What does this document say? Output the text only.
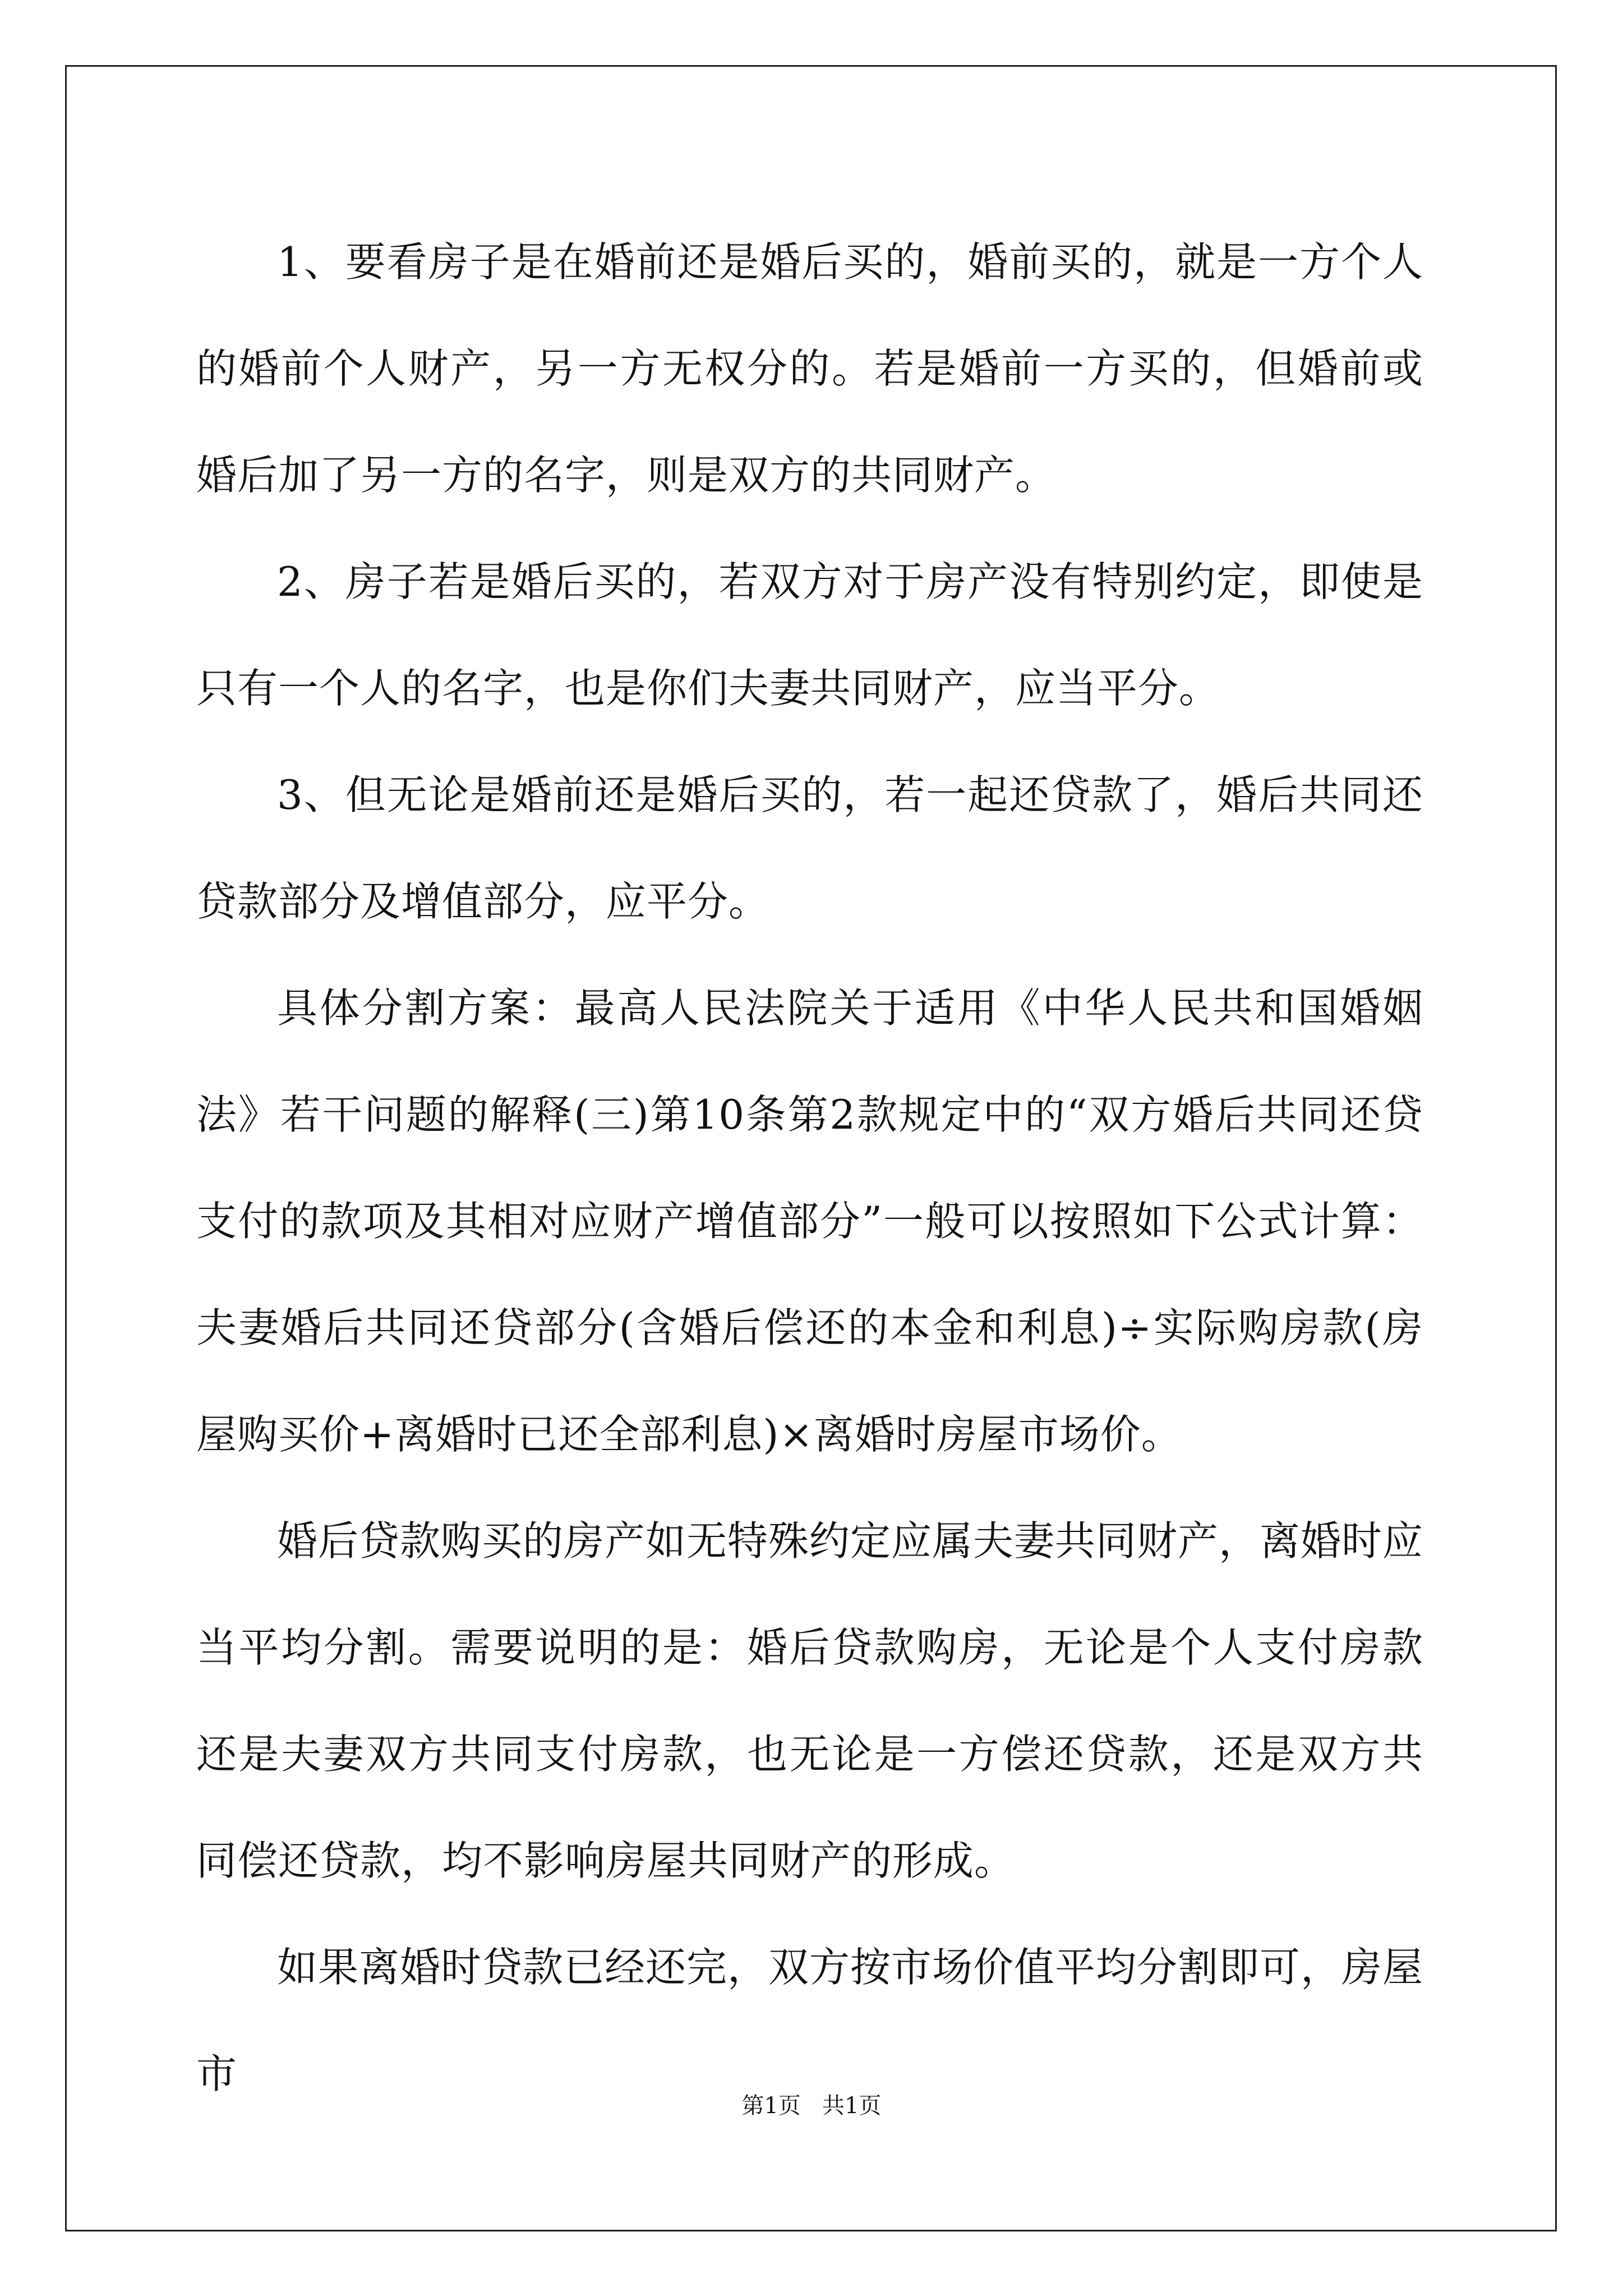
1、要看房子是在婚前还是婚后买的，婚前买的，就是一方个人的婚前个人财产，另一方无权分的。若是婚前一方买的，但婚前或婚后加了另一方的名字，则是双方的共同财产。

2、房子若是婚后买的，若双方对于房产没有特别约定，即使是只有一个人的名字，也是你们夫妻共同财产，应当平分。

3、但无论是婚前还是婚后买的，若一起还贷款了，婚后共同还贷款部分及增值部分，应平分。

具体分割方案：最高人民法院关于适用《中华人民共和国婚姻法》若干问题的解释(三)第10条第2款规定中的“双方婚后共同还贷支付的款项及其相对应财产增值部分”一般可以按照如下公式计算：夫妻婚后共同还贷部分(含婚后偿还的本金和利息)÷实际购房款(房屋购买价+离婚时已还全部利息)×离婚时房屋市场价。

婚后贷款购买的房产如无特殊约定应属夫妻共同财产，离婚时应当平均分割。需要说明的是：婚后贷款购房，无论是个人支付房款还是夫妻双方共同支付房款，也无论是一方偿还贷款，还是双方共同偿还贷款，均不影响房屋共同财产的形成。

如果离婚时贷款已经还完，双方按市场价值平均分割即可，房屋市

第1页   共1页
